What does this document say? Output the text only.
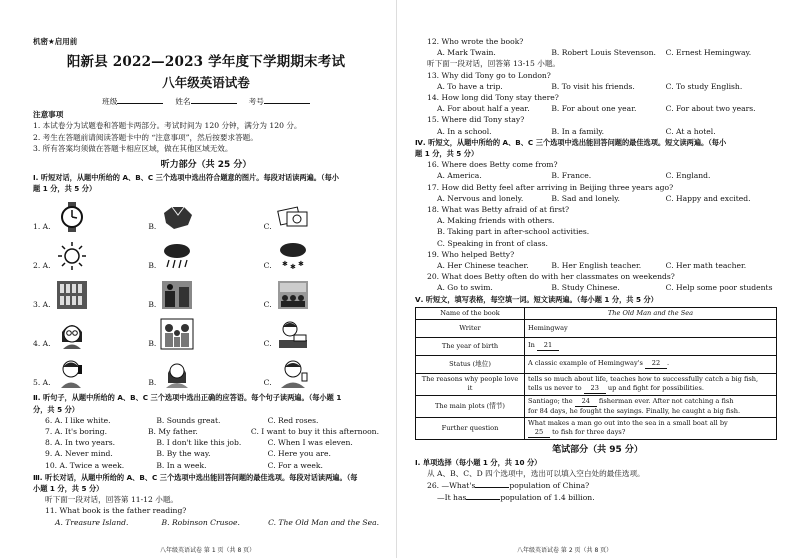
机密★启用前
阳新县 2022—2023 学年度下学期期末考试
八年级英语试卷
班级	姓名	考号
注意事项
1. 本试卷分为试题卷和答题卡两部分。考试时间为 120 分钟，满分为 120 分。
2. 考生在答题前请阅读答题卡中的 “注意事项”，然后按要求答题。
3. 所有答案均须做在答题卡相应区域，做在其他区域无效。
听力部分（共 25 分）
Ⅰ. 听短对话，从题中所给的 A、B、C 三个选项中选出符合题意的图片。每段对话读两遍。（每小
题 1 分，共 5 分）
1. A.	B.	C.
2. A.	B.	C. ✱ ✱ ✱
3. A.	B.	C.
4. A.	B.	C.
5. A.	B.	C.
Ⅱ. 听句子，从题中所给的 A、B、C 三个选项中选出正确的应答语。每个句子读两遍。（每小题 1
分，共 5 分）
6. A. I like white.	B. Sounds great.	C. Red roses.
7. A. It's boring.	B. My father.	C. I want to buy it this afternoon.
8. A. In two years.	B. I don't like this job.	C. When I was eleven.
9. A. Never mind.	B. By the way.	C. Here you are.
10. A. Twice a week.	B. In a week.	C. For a week.
Ⅲ. 听长对话，从题中所给的 A、B、C 三个选项中选出能回答问题的最佳选项。每段对话读两遍。（每
小题 1 分，共 5 分）
听下面一段对话，回答第 11-12 小题。
11. What book is the father reading?
A. Treasure Island.	B. Robinson Crusoe.	C. The Old Man and the Sea.
八年级英语试卷 第 1 页（共 8 页）
12. Who wrote the book?
A. Mark Twain.	B. Robert Louis Stevenson.	C. Ernest Hemingway.
听下面一段对话，回答第 13-15 小题。
13. Why did Tony go to London?
A. To have a trip.	B. To visit his friends.	C. To study English.
14. How long did Tony stay there?
A. For about half a year.	B. For about one year.	C. For about two years.
15. Where did Tony stay?
A. In a school.	B. In a family.	C. At a hotel.
Ⅳ. 听短文，从题中所给的 A、B、C 三个选项中选出能回答问题的最佳选项。短文读两遍。（每小
题 1 分，共 5 分）
16. Where does Betty come from?
A. America.	B. France.	C. England.
17. How did Betty feel after arriving in Beijing three years ago?
A. Nervous and lonely.	B. Sad and lonely.	C. Happy and excited.
18. What was Betty afraid of at first?
A. Making friends with others.
B. Taking part in after-school activities.
C. Speaking in front of class.
19. Who helped Betty?
A. Her Chinese teacher.	B. Her English teacher.	C. Her math teacher.
20. What does Betty often do with her classmates on weekends?
A. Go to swim.	B. Study Chinese.	C. Help some poor students
Ⅴ. 听短文，填写表格，每空填一词。短文读两遍。（每小题 1 分，共 5 分）
Name of the book	The Old Man and the Sea
Writer	Hemingway
The year of birth	In 21
Status (地位)	A classic example of Hemingway's 22 .
The reasons why people love it	tells so much about life, teaches how to successfully catch a big fish,
tells us never to 23 up and fight for possibilities.
The main plots (情节)	Santiago; the 24 fisherman ever. After not catching a fish
for 84 days, he fought the sayings. Finally, he caught a big fish.
Further question	What makes a man go out into the sea in a small boat all by
25 to fish for three days?
笔试部分（共 95 分）
Ⅰ. 单项选择（每小题 1 分，共 10 分）
从 A、B、C、D 四个选项中，选出可以填入空白处的最佳选项。
26. —What's	population of China?
—It has	population of 1.4 billion.
八年级英语试卷 第 2 页（共 8 页）
